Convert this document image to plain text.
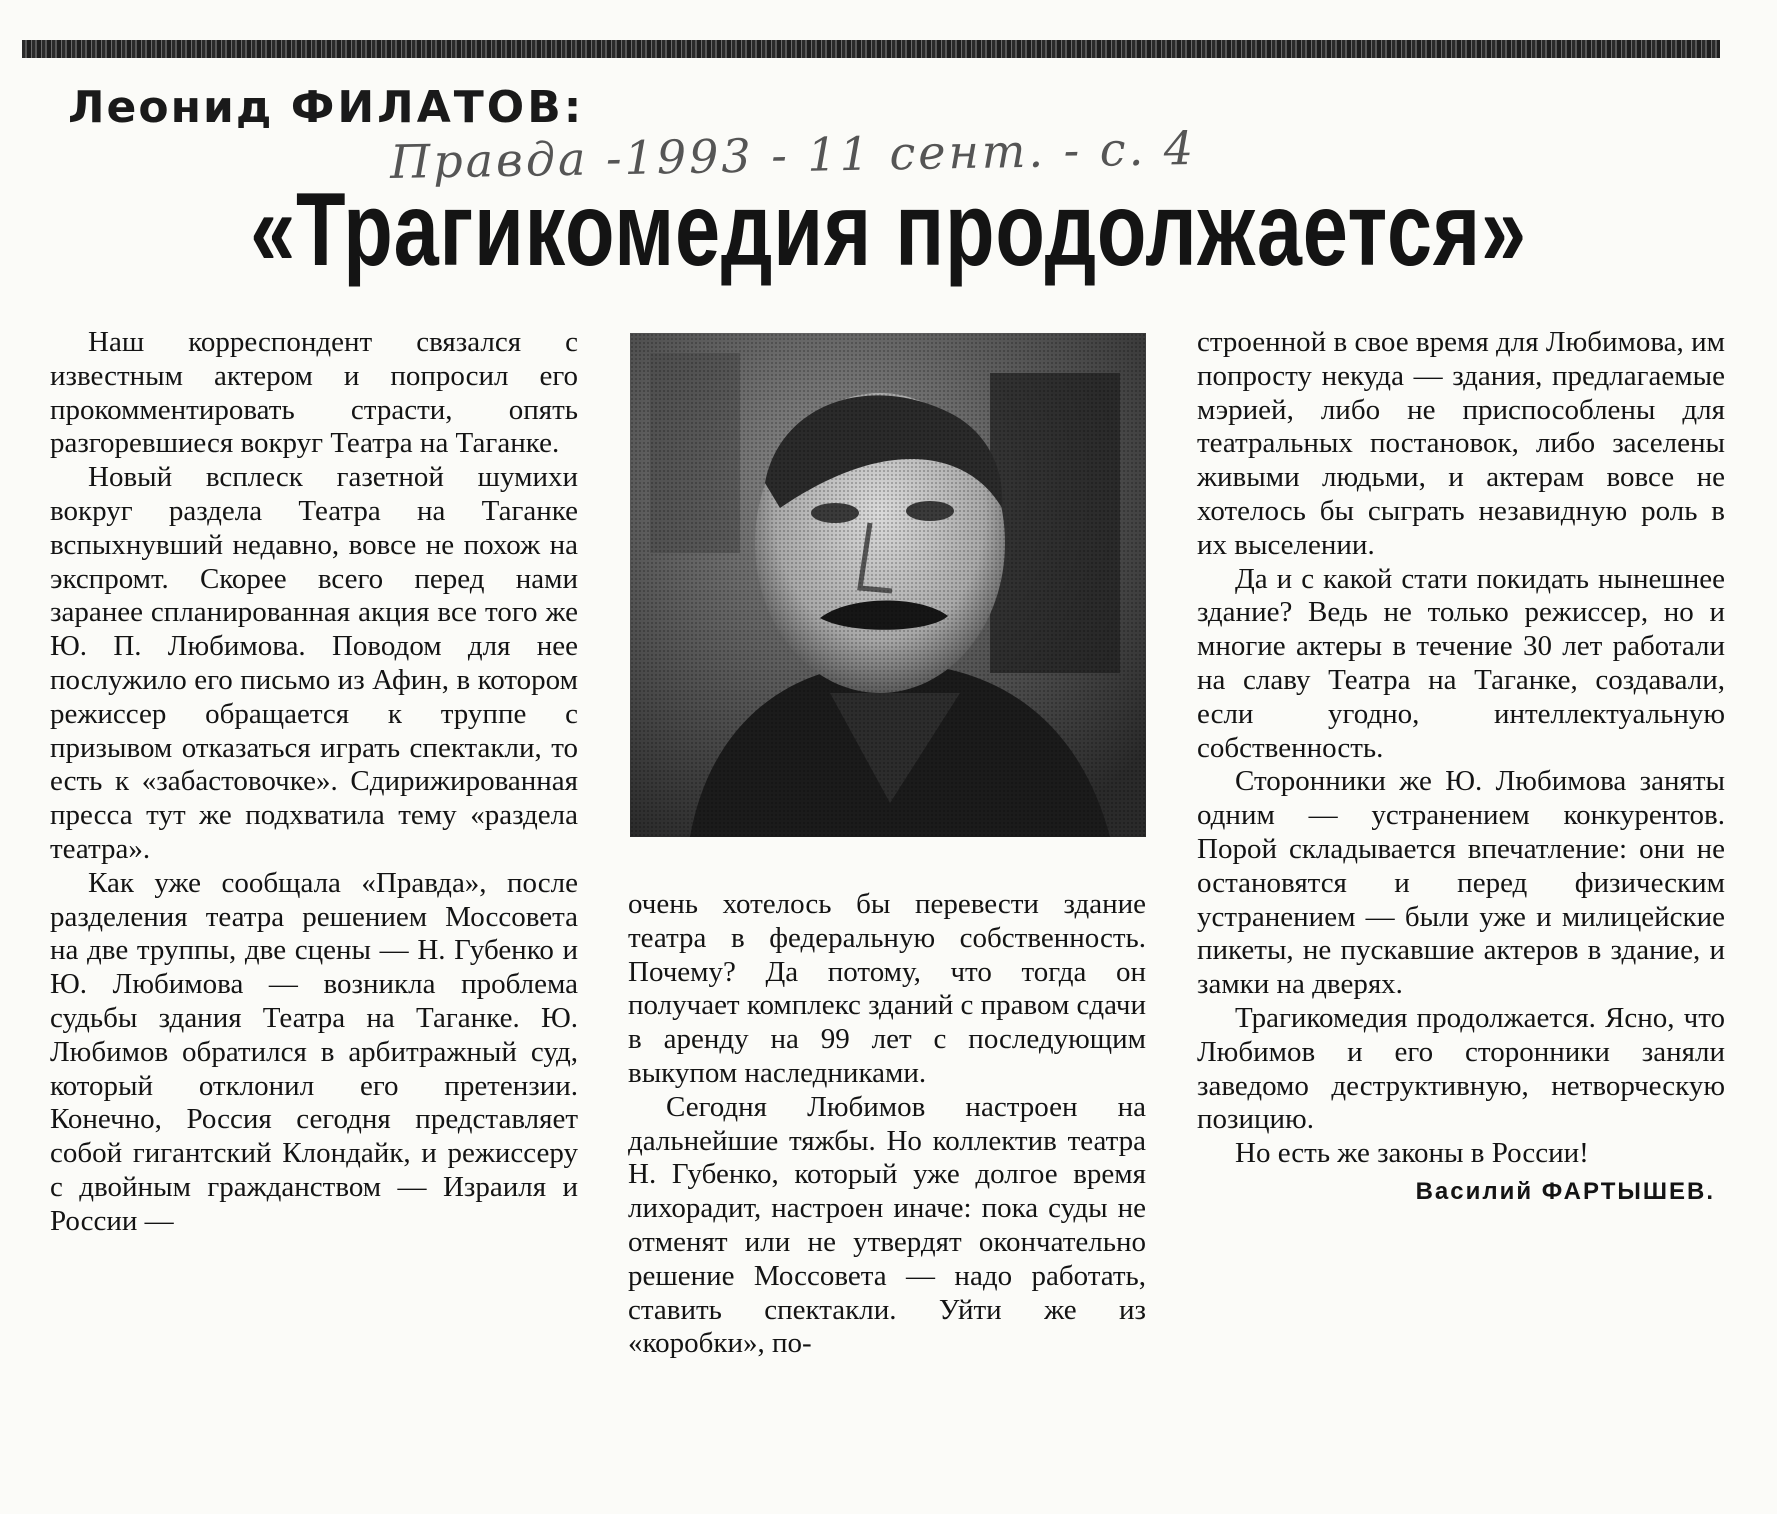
Леонид ФИЛАТОВ:
Правда -1993 - 11 сент. - с. 4
«Трагикомедия продолжается»

Наш корреспондент связался с известным актером и попросил его прокомментировать страсти, опять разгоревшиеся вокруг Театра на Таганке.

Новый всплеск газетной шумихи вокруг раздела Театра на Таганке вспыхнувший недавно, вовсе не похож на экспромт. Скорее всего перед нами заранее спланированная акция все того же Ю. П. Любимова. Поводом для нее послужило его письмо из Афин, в котором режиссер обращается к труппе с призывом отказаться играть спектакли, то есть к «забастовочке». Сдирижированная пресса тут же подхватила тему «раздела театра».

Как уже сообщала «Правда», после разделения театра решением Моссовета на две труппы, две сцены — Н. Губенко и Ю. Любимова — возникла проблема судьбы здания Театра на Таганке. Ю. Любимов обратился в арбитражный суд, который отклонил его претензии. Конечно, Россия сегодня представляет собой гигантский Клондайк, и режиссеру с двойным гражданством — Израиля и России —

очень хотелось бы перевести здание театра в федеральную собственность. Почему? Да потому, что тогда он получает комплекс зданий с правом сдачи в аренду на 99 лет с последующим выкупом наследниками.

Сегодня Любимов настроен на дальнейшие тяжбы. Но коллектив театра Н. Губенко, который уже долгое время лихорадит, настроен иначе: пока суды не отменят или не утвердят окончательно решение Моссовета — надо работать, ставить спектакли. Уйти же из «коробки», по-

строенной в свое время для Любимова, им попросту некуда — здания, предлагаемые мэрией, либо не приспособлены для театральных постановок, либо заселены живыми людьми, и актерам вовсе не хотелось бы сыграть незавидную роль в их выселении.

Да и с какой стати покидать нынешнее здание? Ведь не только режиссер, но и многие актеры в течение 30 лет работали на славу Театра на Таганке, создавали, если угодно, интеллектуальную собственность.

Сторонники же Ю. Любимова заняты одним — устранением конкурентов. Порой складывается впечатление: они не остановятся и перед физическим устранением — были уже и милицейские пикеты, не пускавшие актеров в здание, и замки на дверях.

Трагикомедия продолжается. Ясно, что Любимов и его сторонники заняли заведомо деструктивную, нетворческую позицию.

Но есть же законы в России!

Василий ФАРТЫШЕВ.
